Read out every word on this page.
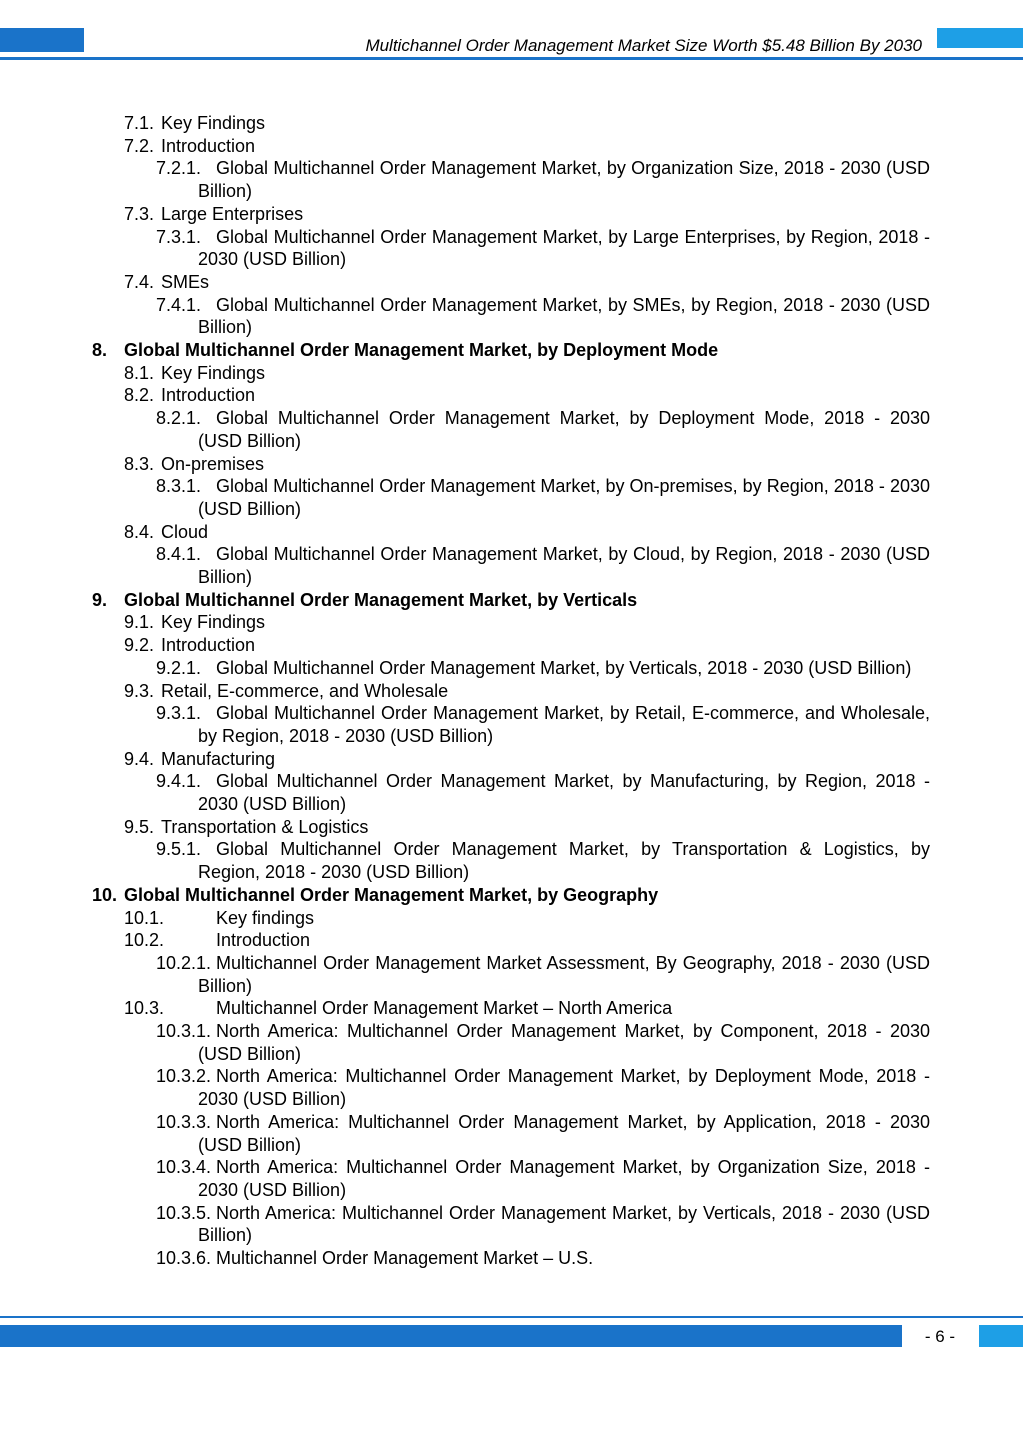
Multichannel Order Management Market Size Worth $5.48 Billion By 2030
7.1. Key Findings
7.2. Introduction
7.2.1. Global Multichannel Order Management Market, by Organization Size, 2018 - 2030 (USD Billion)
7.3. Large Enterprises
7.3.1. Global Multichannel Order Management Market, by Large Enterprises, by Region, 2018 - 2030 (USD Billion)
7.4. SMEs
7.4.1. Global Multichannel Order Management Market, by SMEs, by Region, 2018 - 2030 (USD Billion)
8. Global Multichannel Order Management Market, by Deployment Mode
8.1. Key Findings
8.2. Introduction
8.2.1. Global Multichannel Order Management Market, by Deployment Mode, 2018 - 2030 (USD Billion)
8.3. On-premises
8.3.1. Global Multichannel Order Management Market, by On-premises, by Region, 2018 - 2030 (USD Billion)
8.4. Cloud
8.4.1. Global Multichannel Order Management Market, by Cloud, by Region, 2018 - 2030 (USD Billion)
9. Global Multichannel Order Management Market, by Verticals
9.1. Key Findings
9.2. Introduction
9.2.1. Global Multichannel Order Management Market, by Verticals, 2018 - 2030 (USD Billion)
9.3. Retail, E-commerce, and Wholesale
9.3.1. Global Multichannel Order Management Market, by Retail, E-commerce, and Wholesale, by Region, 2018 - 2030 (USD Billion)
9.4. Manufacturing
9.4.1. Global Multichannel Order Management Market, by Manufacturing, by Region, 2018 - 2030 (USD Billion)
9.5. Transportation & Logistics
9.5.1. Global Multichannel Order Management Market, by Transportation & Logistics, by Region, 2018 - 2030 (USD Billion)
10. Global Multichannel Order Management Market, by Geography
10.1.	Key findings
10.2.	Introduction
10.2.1. Multichannel Order Management Market Assessment, By Geography, 2018 - 2030 (USD Billion)
10.3.	Multichannel Order Management Market – North America
10.3.1. North America: Multichannel Order Management Market, by Component, 2018 - 2030 (USD Billion)
10.3.2. North America: Multichannel Order Management Market, by Deployment Mode, 2018 - 2030 (USD Billion)
10.3.3. North America: Multichannel Order Management Market, by Application, 2018 - 2030 (USD Billion)
10.3.4. North America: Multichannel Order Management Market, by Organization Size, 2018 - 2030 (USD Billion)
10.3.5. North America: Multichannel Order Management Market, by Verticals, 2018 - 2030 (USD Billion)
10.3.6. Multichannel Order Management Market – U.S.
- 6 -
